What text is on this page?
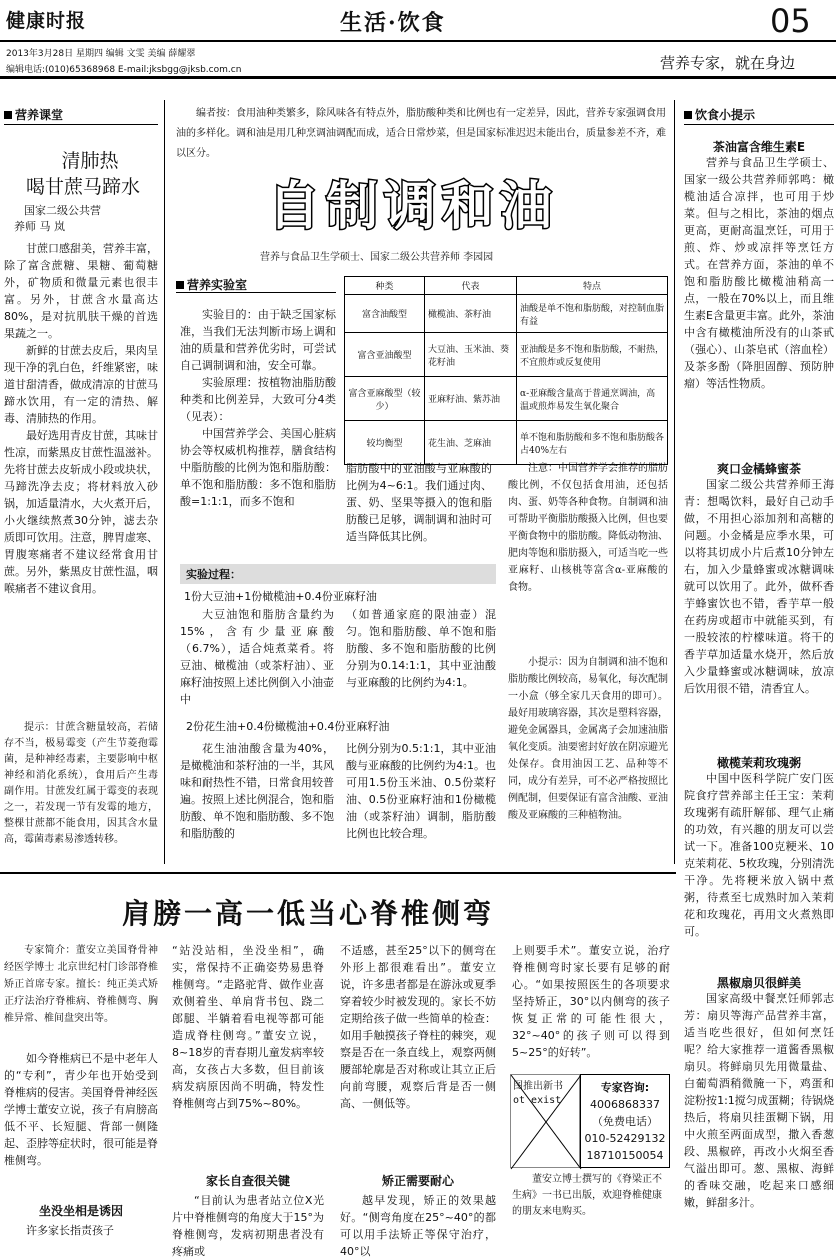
健康时报	生活·饮食	05
2013年3月28日 星期四 编辑 文雯 美编 薛耀翠
编辑电话:(010)65368968 E-mail:jksbgg@jksb.com.cn	营养专家，就在身边
营养课堂
清肺热
喝甘蔗马蹄水
国家二级公共营
养师 马 岚

甘蔗口感甜美，营养丰富，除了富含蔗糖、果糖、葡萄糖外，矿物质和微量元素也很丰富。另外，甘蔗含水量高达80%，是对抗肌肤干燥的首选果蔬之一。

新鲜的甘蔗去皮后，果肉呈现干净的乳白色，纤维紧密，味道甘甜清香，做成清凉的甘蔗马蹄水饮用，有一定的清热、解毒、清肺热的作用。

最好选用青皮甘蔗，其味甘性凉，而紫黑皮甘蔗性温滋补。先将甘蔗去皮斩成小段或块状，马蹄洗净去皮；将材料放入砂锅，加适量清水，大火煮开后，小火继续熬煮30分钟，滤去杂质即可饮用。注意，脾胃虚寒、胃腹寒痛者不建议经常食用甘蔗。另外，紫黑皮甘蔗性温，咽喉痛者不建议食用。

提示：甘蔗含糖量较高，若储存不当，极易霉变（产生节菱孢霉菌，是种神经毒素，主要影响中枢神经和消化系统），食用后产生毒副作用。甘蔗发红属于霉变的表现之一，若发现一节有发霉的地方，整棵甘蔗都不能食用，因其含水量高，霉菌毒素易渗透转移。
编者按：食用油种类繁多，除风味各有特点外，脂肪酸种类和比例也有一定差异，因此，营养专家强调食用油的多样化。调和油是用几种烹调油调配而成，适合日常炒菜，但是国家标准迟迟未能出台，质量参差不齐，难以区分。
自制调和油
营养与食品卫生学硕士、国家二级公共营养师 李园园
营养实验室

实验目的：由于缺乏国家标准，当我们无法判断市场上调和油的质量和营养优劣时，可尝试自己调制调和油，安全可靠。

实验原理：按植物油脂肪酸种类和比例差异，大致可分4类（见表）：

中国营养学会、美国心脏病协会等权威机构推荐，膳食结构中脂肪酸的比例为饱和脂肪酸：单不饱和脂肪酸：多不饱和脂肪酸=1:1:1，而多不饱和

种类	代表	特点
富含油酸型	橄榄油、茶籽油	油酸是单不饱和脂肪酸，对控制血脂有益
富含亚油酸型	大豆油、玉米油、葵花籽油	亚油酸是多不饱和脂肪酸，不耐热，不宜煎炸或反复使用
富含亚麻酸型（较少）	亚麻籽油、紫苏油	α-亚麻酸含量高于普通烹调油，高温或煎炸易发生氧化聚合
较均衡型	花生油、芝麻油	单不饱和脂肪酸和多不饱和脂肪酸各占40%左右
脂肪酸中的亚油酸与亚麻酸的比例为4~6:1。我们通过肉、蛋、奶、坚果等摄入的饱和脂肪酸已足够，调制调和油时可适当降低其比例。
注意：中国营养学会推荐的脂肪酸比例，不仅包括食用油，还包括肉、蛋、奶等各种食物。自制调和油可帮助平衡脂肪酸摄入比例，但也要平衡食物中的脂肪酸。降低动物油、肥肉等饱和脂肪摄入，可适当吃一些亚麻籽、山核桃等富含α-亚麻酸的食物。
小提示：因为自制调和油不饱和脂肪酸比例较高，易氧化，每次配制一小盒（够全家几天食用的即可）。最好用玻璃容器，其次是塑料容器，避免金属器具，金属离子会加速油脂氧化变质。油要密封好放在阴凉避光处保存。食用油因工艺、品种等不同，成分有差异，可不必严格按照比例配制，但要保证有富含油酸、亚油酸及亚麻酸的三种植物油。
实验过程：
1份大豆油+1份橄榄油+0.4份亚麻籽油
大豆油饱和脂肪含量约为15%，含有少量亚麻酸（6.7%），适合炖煮菜肴。将豆油、橄榄油（或茶籽油）、亚麻籽油按照上述比例倒入小油壶中
（如普通家庭的限油壶）混匀。饱和脂肪酸、单不饱和脂肪酸、多不饱和脂肪酸的比例分别为0.14:1:1，其中亚油酸与亚麻酸的比例约为4:1。
2份花生油+0.4份橄榄油+0.4份亚麻籽油
花生油油酸含量为40%，是橄榄油和茶籽油的一半，其风味和耐热性不错，日常食用较普遍。按照上述比例混合，饱和脂肪酸、单不饱和脂肪酸、多不饱和脂肪酸的
比例分别为0.5:1:1，其中亚油酸与亚麻酸的比例约为4:1。也可用1.5份玉米油、0.5份菜籽油、0.5份亚麻籽油和1份橄榄油（或茶籽油）调制，脂肪酸比例也比较合理。
饮食小提示
茶油富含维生素E
营养与食品卫生学硕士、国家一级公共营养师郭鸣：橄榄油适合凉拌，也可用于炒菜。但与之相比，茶油的烟点更高，更耐高温烹饪，可用于煎、炸、炒或凉拌等烹饪方式。在营养方面，茶油的单不饱和脂肪酸比橄榄油稍高一点，一般在70%以上，而且维生素E含量更丰富。此外，茶油中含有橄榄油所没有的山茶甙（强心）、山茶皂甙（溶血栓）及茶多酚（降胆固醇、预防肿瘤）等活性物质。
爽口金橘蜂蜜茶
国家二级公共营养师王海青：想喝饮料，最好自己动手做，不用担心添加剂和高糖的问题。小金橘是应季水果，可以将其切成小片后煮10分钟左右，加入少量蜂蜜或冰糖调味就可以饮用了。此外，做杯香芋蜂蜜饮也不错，香芋草一般在药房或超市中就能买到，有一股较浓的柠檬味道。将干的香芋草加适量水烧开，然后放入少量蜂蜜或冰糖调味，放凉后饮用很不错，清香宜人。
橄榄茉莉玫瑰粥
中国中医科学院广安门医院食疗营养部主任王宝：茉莉玫瑰粥有疏肝解郁、理气止痛的功效，有兴趣的朋友可以尝试一下。准备100克粳米、10克茉莉花、5枚玫瑰，分别清洗干净。先将粳米放入锅中煮粥，待煮至七成熟时加入茉莉花和玫瑰花，再用文火煮熟即可。
黑椒扇贝很鲜美
国家高级中餐烹饪师郭志芳：扇贝等海产品营养丰富，适当吃些很好，但如何烹饪呢？给大家推荐一道酱香黑椒扇贝。将鲜扇贝先用微量盐、白葡萄酒稍微腌一下，鸡蛋和淀粉按1:1搅匀成蛋糊；待锅烧热后，将扇贝挂蛋糊下锅，用中火煎至两面成型，撒入香葱段、黑椒碎，再改小火焖至香气溢出即可。葱、黑椒、海鲜的香味交融，吃起来口感细嫩，鲜甜多汁。
肩膀一高一低当心脊椎侧弯
专家简介：董安立美国脊骨神经医学博士 北京世纪村门诊部脊椎矫正首席专家。擅长：纯正美式矫正疗法治疗脊椎病、脊椎侧弯、胸椎异常、椎间盘突出等。
如今脊椎病已不是中老年人的“专利”，青少年也开始受到脊椎病的侵害。美国脊骨神经医学博士董安立说，孩子有肩膀高低不平、长短腿、背部一侧隆起、歪脖等症状时，很可能是脊椎侧弯。
坐没坐相是诱因
许多家长指责孩子
“站没站相，坐没坐相”，确实，常保持不正确姿势易患脊椎侧弯。“走路驼背、做作业喜欢侧着坐、单肩背书包、跷二郎腿、半躺着看电视等都可能造成脊柱侧弯。”董安立说，8~18岁的青春期儿童发病率较高，女孩占大多数，但目前该病发病原因尚不明确，特发性脊椎侧弯占到75%~80%。
家长自查很关键
“目前认为患者站立位X光片中脊椎侧弯的角度大于15°为脊椎侧弯，发病初期患者没有疼痛或
不适感，甚至25°以下的侧弯在外形上都很难看出”。董安立说，许多患者都是在游泳或夏季穿着较少时被发现的。家长不妨定期给孩子做一些简单的检查：如用手触摸孩子脊柱的棘突，观察是否在一条直线上，观察两侧腰部轮廓是否对称或让其立正后向前弯腰，观察后背是否一侧高、一侧低等。
矫正需要耐心
越早发现，矫正的效果越好。“侧弯角度在25°~40°的都可以用手法矫正等保守治疗，40°以
上则要手术”。董安立说，治疗脊椎侧弯时家长要有足够的耐心。“如果按照医生的各项要求坚持矫正，30°以内侧弯的孩子恢复正常的可能性很大，32°~40°的孩子则可以得到5~25°的好转”。
图推出新书
ot exist
专家咨询:
4006868337
（免费电话）
010-52429132
18710150054
董安立博士撰写的《脊梁正不生病》一书已出版，欢迎脊椎健康的朋友来电购买。
